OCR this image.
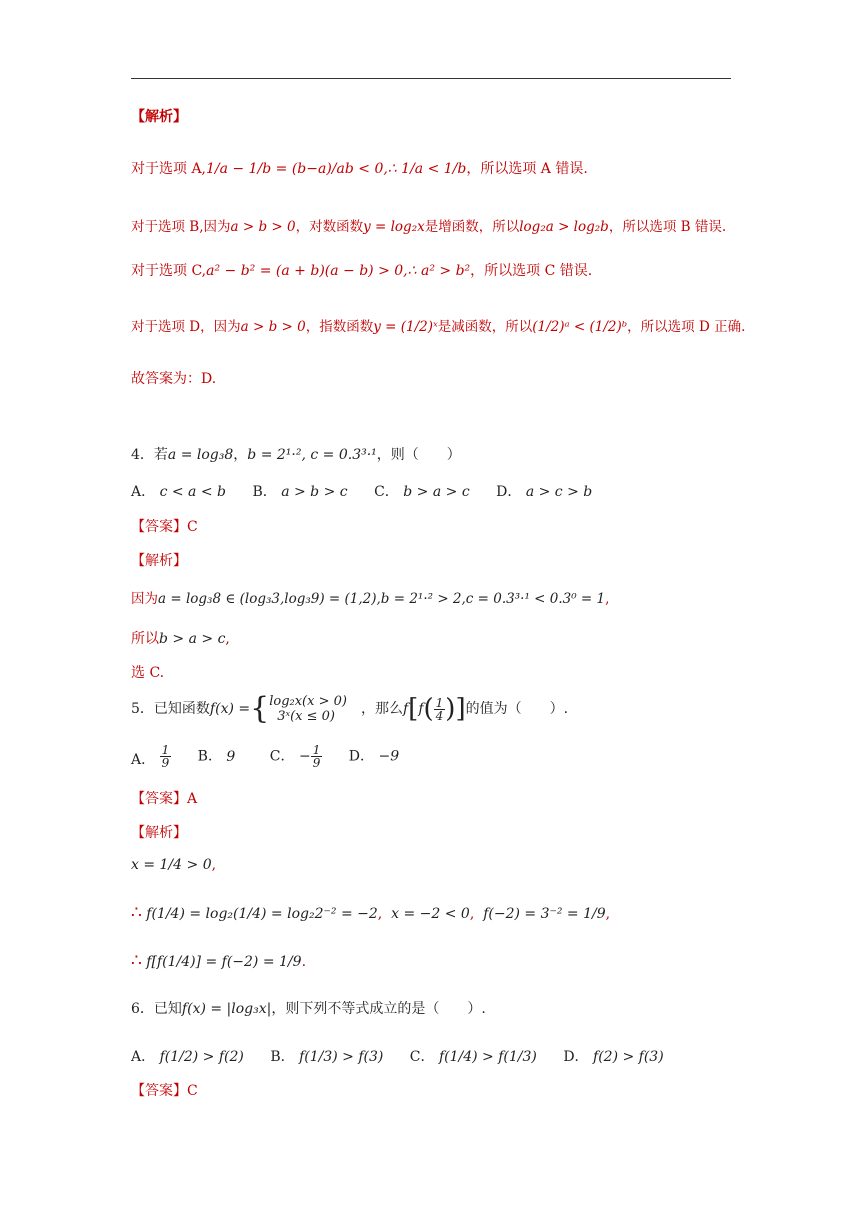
【解析】
对于选项 A,1/a − 1/b = (b−a)/ab < 0,∴ 1/a < 1/b，所以选项 A 错误.
对于选项 B,因为a > b > 0，对数函数y = log₂x是增函数，所以log₂a > log₂b，所以选项 B 错误.
对于选项 C,a² − b² = (a + b)(a − b) > 0,∴ a² > b²，所以选项 C 错误.
对于选项 D，因为a > b > 0，指数函数y = (1/2)ˣ是减函数，所以(1/2)ᵃ < (1/2)ᵇ，所以选项 D 正确.
故答案为：D.
4．若a = log₃8，b = 2¹·², c = 0.3³·¹，则（　　）
A． c < a < b B． a > b > c C． b > a > c D． a > c > b
【答案】C
【解析】
因为a = log₃8 ∈ (log₃3,log₃9) = (1,2),b = 2¹·² > 2,c = 0.3³·¹ < 0.3⁰ = 1,
所以b > a > c,
选 C.
5．已知函数f(x) ={ log₂x(x > 0)
3ˣ(x ≤ 0)	，那么$f[f( \frac{1}{4}$ )]的值为（　　）.
A． $\frac{1}{9}$ B． 9 C． − $\frac{1}{9}$ D． −9
【答案】A
【解析】
x = 1/4 > 0,
∴ f(1/4) = log₂(1/4) = log₂2⁻² = −2, x = −2 < 0, f(−2) = 3⁻² = 1/9,
∴ f[f(1/4)] = f(−2) = 1/9.
6．已知f(x) = |log₃x|，则下列不等式成立的是（　　）.
A． f(1/2) > f(2) B． f(1/3) > f(3) C． f(1/4) > f(1/3) D． f(2) > f(3)
【答案】C
